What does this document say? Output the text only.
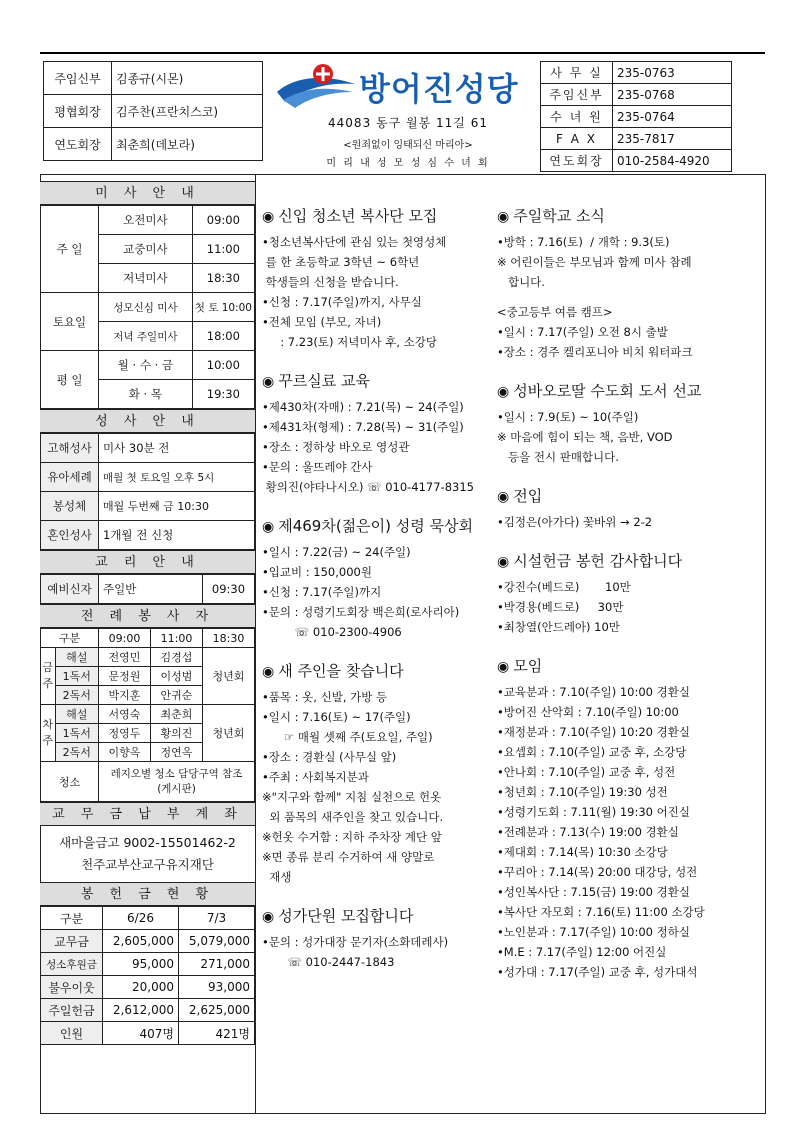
주임신부	김종규(시몬)
평협회장	김주찬(프란치스코)
연도회장	최춘희(데보라)
방어진성당
44083 동구 월봉 11길 61
<원죄없이 잉태되신 마리아>
미 리 내 성 모 성 심 수 녀 회
사 무 실	235-0763
주임신부	235-0768
수 녀 원	235-0764
F A X	235-7817
연도회장	010-2584-4920
미 사 안 내
주 일	오전미사	09:00
	교중미사	11:00
	저녁미사	18:30
토요일	성모신심 미사	첫 토 10:00
	저녁 주일미사	18:00
평 일	월 · 수 · 금	10:00
	화 · 목	19:30
성 사 안 내
고해성사	미사 30분 전
유아세례	매월 첫 토요일 오후 5시
봉성체	매월 두번째 금 10:30
혼인성사	1개월 전 신청
교 리 안 내
예비신자	주일반	09:30
전 례 봉 사 자
구분		09:00	11:00	18:30
금주	해설	전영민	김경섭	청년회
	1독서	문정원	이성범	
	2독서	박지훈	안귀순	
차주	해설	서영숙	최춘희	청년회
	1독서	정영두	황의진	
	2독서	이향옥	정연옥	
청소		레지오별 청소 담당구역 참조 (게시판)		
교 무 금 납 부 계 좌
새마을금고 9002-15501462-2
천주교부산교구유지재단
봉 헌 금 현 황
구분	6/26	7/3
교무금	2,605,000	5,079,000
성소후원금	95,000	271,000
불우이웃	20,000	93,000
주일헌금	2,612,000	2,625,000
인원	407명	421명
◉ 신입 청소년 복사단 모집

•청소년복사단에 관심 있는 첫영성체

를 한 초등학교 3학년 ~ 6학년

학생들의 신청을 받습니다.

•신청 : 7.17(주일)까지, 사무실

•전체 모임 (부모, 자녀)

: 7.23(토) 저녁미사 후, 소강당

◉ 꾸르실료 교육

•제430차(자매) : 7.21(목) ~ 24(주일)

•제431차(형제) : 7.28(목) ~ 31(주일)

•장소 : 정하상 바오로 영성관

•문의 : 울뜨레야 간사

황의진(야타나시오) ☏ 010-4177-8315

◉ 제469차(젊은이) 성령 묵상회

•일시 : 7.22(금) ~ 24(주일)

•입교비 : 150,000원

•신청 : 7.17(주일)까지

•문의 : 성령기도회장 백은희(로사리아)

☏ 010-2300-4906

◉ 새 주인을 찾습니다

•품목 : 옷, 신발, 가방 등

•일시 : 7.16(토) ~ 17(주일)

☞ 매월 셋째 주(토요일, 주일)

•장소 : 경환실 (사무실 앞)

•주최 : 사회복지분과

※"지구와 함께" 지침 실천으로 헌옷

외 품목의 새주인을 찾고 있습니다.

※헌옷 수거함 : 지하 주차장 계단 앞

※면 종류 분리 수거하여 새 양말로

재생

◉ 성가단원 모집합니다

•문의 : 성가대장 문기자(소화데레사)

☏ 010-2447-1843

◉ 주일학교 소식

•방학 : 7.16(토)  / 개학 : 9.3(토)

※ 어린이들은 부모님과 함께 미사 참례

합니다.

<중고등부 여름 캠프>

•일시 : 7.17(주일) 오전 8시 출발

•장소 : 경주 켈리포니아 비치 워터파크

◉ 성바오로딸 수도회 도서 선교

•일시 : 7.9(토) ~ 10(주일)

※ 마음에 힘이 되는 책, 음반, VOD

등을 전시 판매합니다.

◉ 전입

•김정은(아가다) 꽃바위 → 2-2

◉ 시설헌금 봉헌 감사합니다

•강진수(베드로)       10만

•박경용(베드로)     30만

•최창열(안드레아) 10만

◉ 모임

•교육분과 : 7.10(주일) 10:00 경환실

•방어진 산악회 : 7.10(주일) 10:00

•재정분과 : 7.10(주일) 10:20 경환실

•요셉회 : 7.10(주일) 교중 후, 소강당

•안나회 : 7.10(주일) 교중 후, 성전

•청년회 : 7.10(주일) 19:30 성전

•성령기도회 : 7.11(월) 19:30 어진실

•전례분과 : 7.13(수) 19:00 경환실

•제대회 : 7.14(목) 10:30 소강당

•꾸리아 : 7.14(목) 20:00 대강당, 성전

•성인복사단 : 7.15(금) 19:00 경환실

•복사단 자모회 : 7.16(토) 11:00 소강당

•노인분과 : 7.17(주일) 10:00 정하실

•M.E : 7.17(주일) 12:00 어진실

•성가대 : 7.17(주일) 교중 후, 성가대석
